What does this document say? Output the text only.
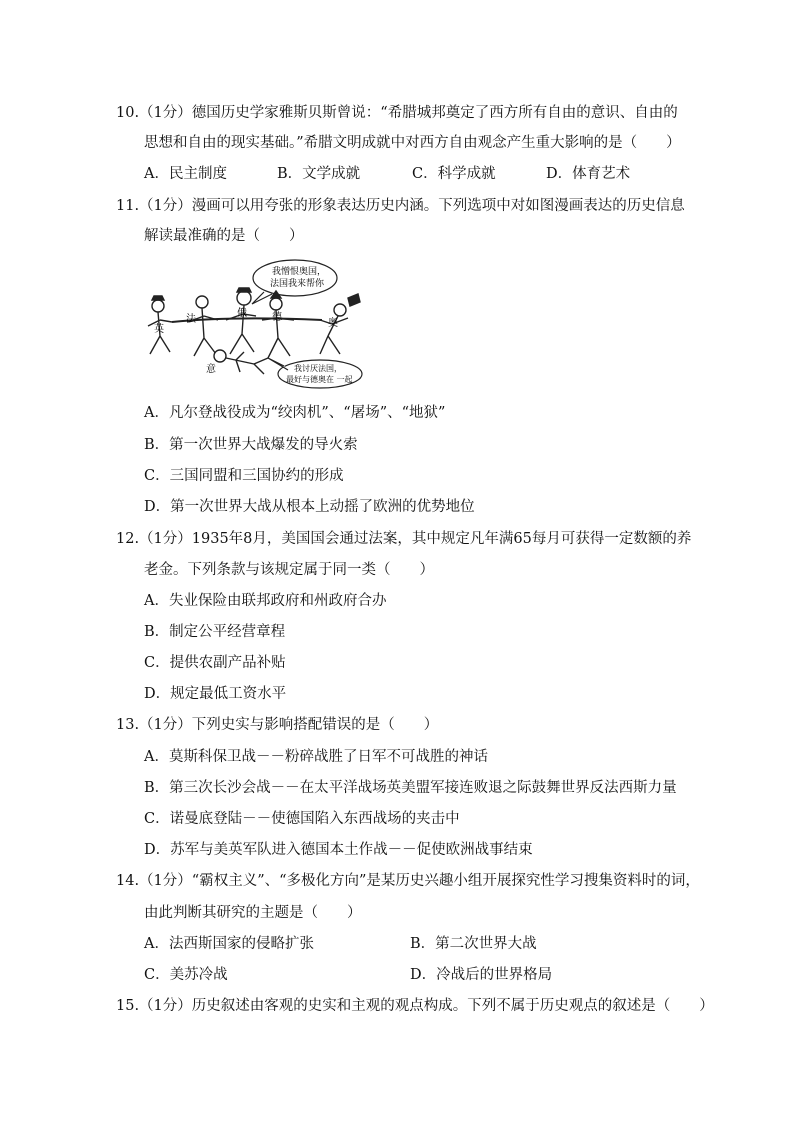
10.（1分）德国历史学家雅斯贝斯曾说：“希腊城邦奠定了西方所有自由的意识、自由的
思想和自由的现实基础。”希腊文明成就中对西方自由观念产生重大影响的是（　　）
A．民主制度	B．文学成就	C．科学成就	D．体育艺术
11.（1分）漫画可以用夸张的形象表达历史内涵。下列选项中对如图漫画表达的历史信息
解读最准确的是（　　）
我憎恨奥国，
法国我来帮你
我讨厌法国，
最好与德奥在 一起
英
法
俄	德
奥
意
A．凡尔登战役成为“绞肉机”、“屠场”、“地狱”
B．第一次世界大战爆发的导火索
C．三国同盟和三国协约的形成
D．第一次世界大战从根本上动摇了欧洲的优势地位
12.（1分）1935年8月，美国国会通过法案，其中规定凡年满65每月可获得一定数额的养
老金。下列条款与该规定属于同一类（　　）
A．失业保险由联邦政府和州政府合办
B．制定公平经营章程
C．提供农副产品补贴
D．规定最低工资水平
13.（1分）下列史实与影响搭配错误的是（　　）
A．莫斯科保卫战－－粉碎战胜了日军不可战胜的神话
B．第三次长沙会战－－在太平洋战场英美盟军接连败退之际鼓舞世界反法西斯力量
C．诺曼底登陆－－使德国陷入东西战场的夹击中
D．苏军与美英军队进入德国本土作战－－促使欧洲战事结束
14.（1分）“霸权主义”、“多极化方向”是某历史兴趣小组开展探究性学习搜集资料时的词，
由此判断其研究的主题是（　　）
A．法西斯国家的侵略扩张	B．第二次世界大战
C．美苏冷战	D．冷战后的世界格局
15.（1分）历史叙述由客观的史实和主观的观点构成。下列不属于历史观点的叙述是（　　）
